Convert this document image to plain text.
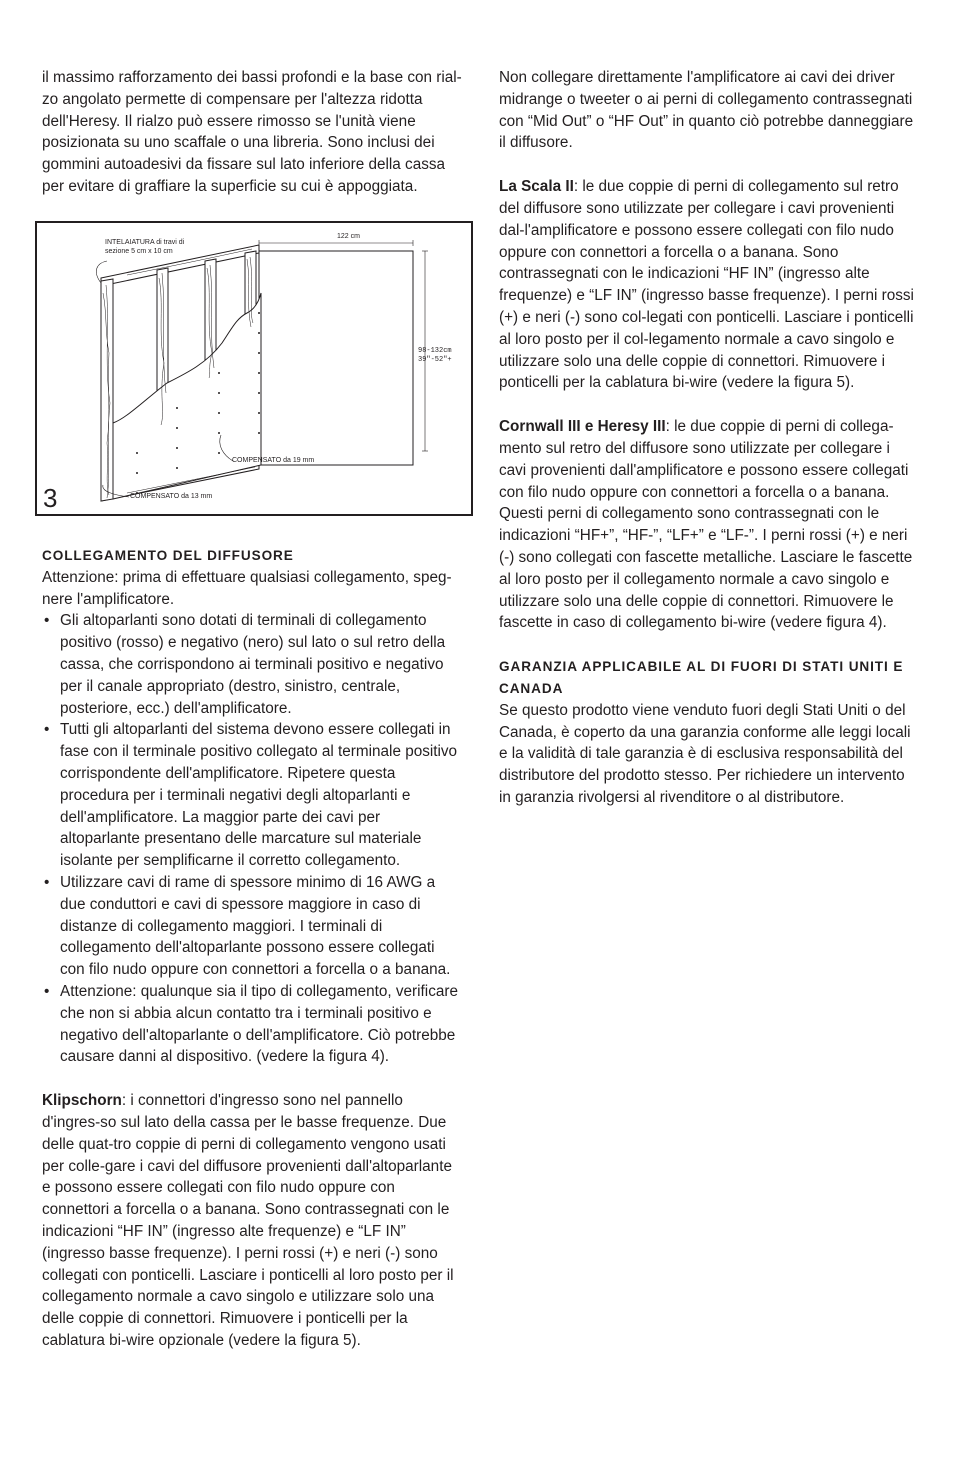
il massimo rafforzamento dei bassi profondi e la base con rial-zo angolato permette di compensare per l'altezza ridotta dell'Heresy. Il rialzo può essere rimosso se l'unità viene posizionata su uno scaffale o una libreria. Sono inclusi dei gommini autoadesivi da fissare sul lato inferiore della cassa per evitare di graffiare la superficie su cui è appoggiata.

INTELAIATURA di travi di
sezione 5 cm x 10 cm
122 cm
98-132cm
39"-52"+
COMPENSATO da 19 mm
COMPENSATO da 13 mm
3
COLLEGAMENTO DEL DIFFUSORE

Attenzione: prima di effettuare qualsiasi collegamento, speg-nere l'amplificatore.

• Gli altoparlanti sono dotati di terminali di collegamento positivo (rosso) e negativo (nero) sul lato o sul retro della cassa, che corrispondono ai terminali positivo e negativo per il canale appropriato (destro, sinistro, centrale, posteriore, ecc.) dell'amplificatore.
• Tutti gli altoparlanti del sistema devono essere collegati in fase con il terminale positivo collegato al terminale positivo corrispondente dell'amplificatore. Ripetere questa procedura per i terminali negativi degli altoparlanti e dell'amplificatore. La maggior parte dei cavi per altoparlante presentano delle marcature sul materiale isolante per semplificarne il corretto collegamento.
• Utilizzare cavi di rame di spessore minimo di 16 AWG a due conduttori e cavi di spessore maggiore in caso di distanze di collegamento maggiori. I terminali di collegamento dell'altoparlante possono essere collegati con filo nudo oppure con connettori a forcella o a banana.
• Attenzione: qualunque sia il tipo di collegamento, verificare che non si abbia alcun contatto tra i terminali positivo e negativo dell'altoparlante o dell'amplificatore. Ciò potrebbe causare danni al dispositivo. (vedere la figura 4).

Klipschorn: i connettori d'ingresso sono nel pannello d'ingres-so sul lato della cassa per le basse frequenze. Due delle quat-tro coppie di perni di collegamento vengono usati per colle-gare i cavi del diffusore provenienti dall'altoparlante e possono essere collegati con filo nudo oppure con connettori a forcella o a banana. Sono contrassegnati con le indicazioni “HF IN” (ingresso alte frequenze) e “LF IN” (ingresso basse frequenze). I perni rossi (+) e neri (-) sono collegati con ponticelli. Lasciare i ponticelli al loro posto per il collegamento normale a cavo singolo e utilizzare solo una delle coppie di connettori. Rimuovere i ponticelli per la cablatura bi-wire opzionale (vedere la figura 5).

Non collegare direttamente l'amplificatore ai cavi dei driver midrange o tweeter o ai perni di collegamento contrassegnati con “Mid Out” o “HF Out” in quanto ciò potrebbe danneggiare il diffusore.

La Scala II: le due coppie di perni di collegamento sul retro del diffusore sono utilizzate per collegare i cavi provenienti dal-l'amplificatore e possono essere collegati con filo nudo oppure con connettori a forcella o a banana. Sono contrassegnati con le indicazioni “HF IN” (ingresso alte frequenze) e “LF IN” (ingresso basse frequenze). I perni rossi (+) e neri (-) sono col-legati con ponticelli. Lasciare i ponticelli al loro posto per il col-legamento normale a cavo singolo e utilizzare solo una delle coppie di connettori. Rimuovere i ponticelli per la cablatura bi-wire (vedere la figura 5).

Cornwall III e Heresy III: le due coppie di perni di collega-mento sul retro del diffusore sono utilizzate per collegare i cavi provenienti dall'amplificatore e possono essere collegati con filo nudo oppure con connettori a forcella o a banana. Questi perni di collegamento sono contrassegnati con le indicazioni “HF+”, “HF-”, “LF+” e “LF-”. I perni rossi (+) e neri (-) sono collegati con fascette metalliche. Lasciare le fascette al loro posto per il collegamento normale a cavo singolo e utilizzare solo una delle coppie di connettori. Rimuovere le fascette in caso di collegamento bi-wire (vedere figura 4).

GARANZIA APPLICABILE AL DI FUORI DI STATI UNITI E CANADA

Se questo prodotto viene venduto fuori degli Stati Uniti o del Canada, è coperto da una garanzia conforme alle leggi locali e la validità di tale garanzia è di esclusiva responsabilità del distributore del prodotto stesso. Per richiedere un intervento in garanzia rivolgersi al rivenditore o al distributore.
